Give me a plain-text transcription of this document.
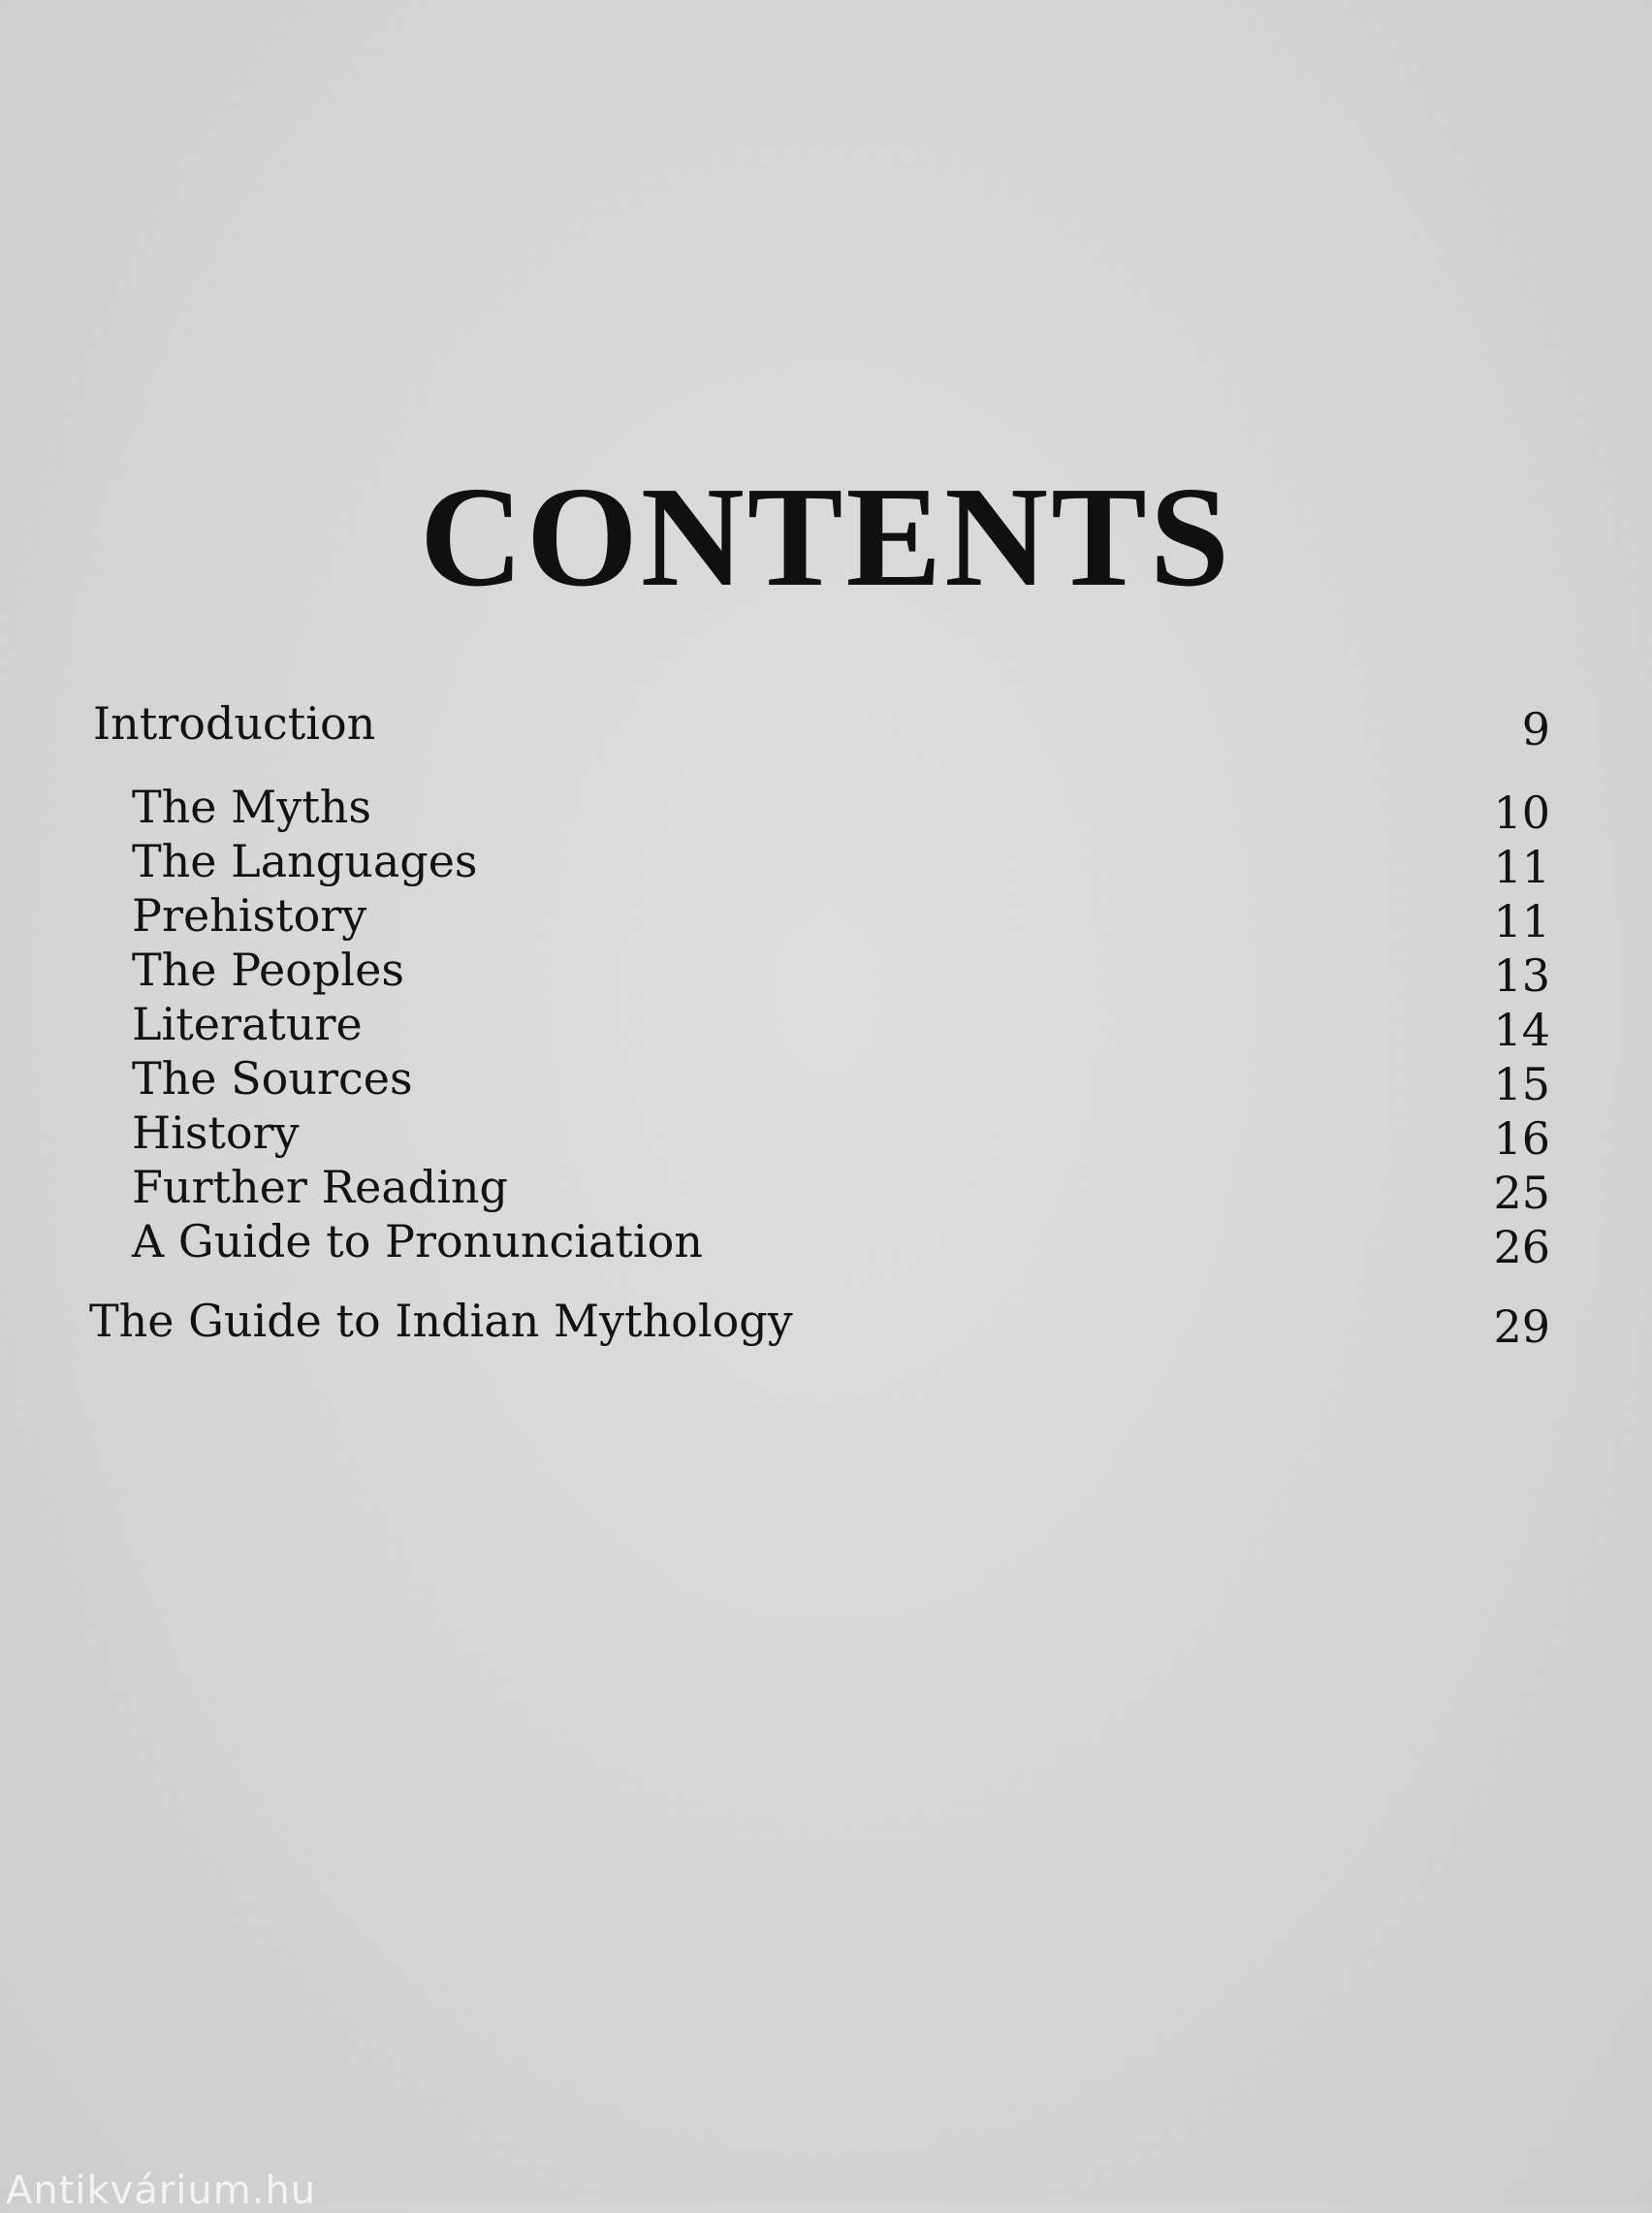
CONTENTS
Introduction	9
The Myths	10
The Languages	11
Prehistory	11
The Peoples	13
Literature	14
The Sources	15
History	16
Further Reading	25
A Guide to Pronunciation	26
The Guide to Indian Mythology	29
Antikvárium.hu
